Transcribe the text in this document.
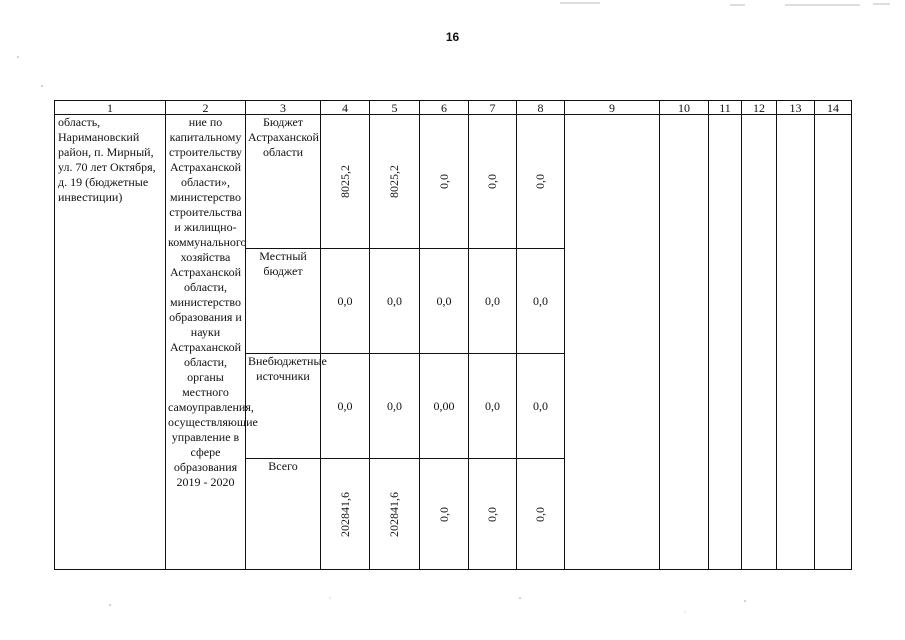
16
1	2	3	4	5	6	7	8	9	10	11	12	13	14
область, Наримановский район, п. Мирный, ул. 70 лет Октября, д. 19 (бюджетные инвестиции)	ние по капитальному строительству Астраханской области», министерство строительства и жилищно-коммунального хозяйства Астраханской области, министерство образования и науки Астраханской области, органы местного самоуправления, осуществляющие управление в сфере образования 2019 - 2020	Бюджет Астраханской области	8025,2	8025,2	0,0	0,0	0,0						
		Местный бюджет	0,0	0,0	0,0	0,0	0,0						
		Внебюджетные источники	0,0	0,0	0,00	0,0	0,0						
		Всего	202841,6	202841,6	0,0	0,0	0,0						
